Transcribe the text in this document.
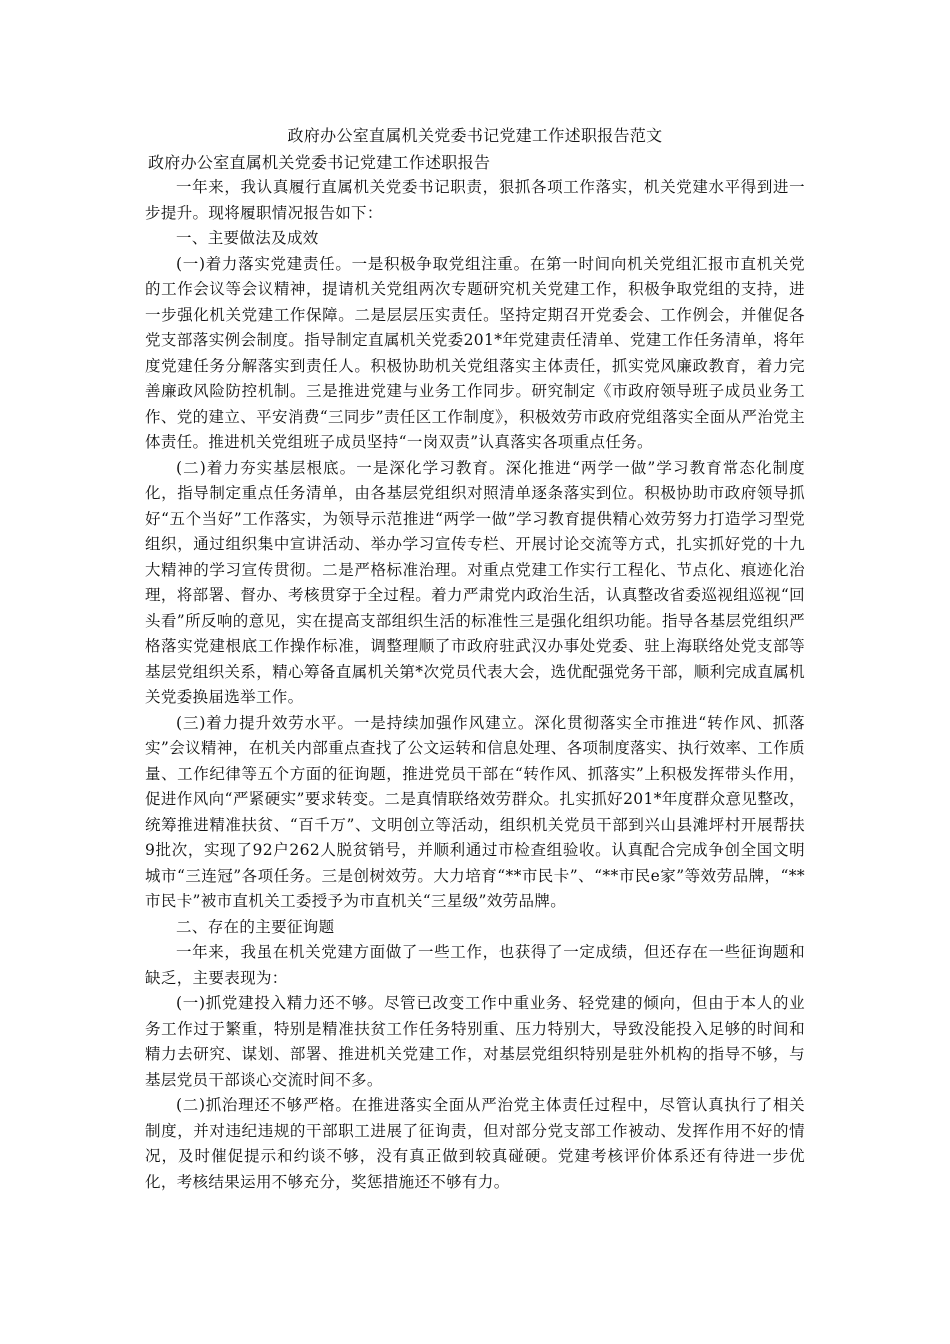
政府办公室直属机关党委书记党建工作述职报告范文
政府办公室直属机关党委书记党建工作述职报告

一年来，我认真履行直属机关党委书记职责，狠抓各项工作落实，机关党建水平得到进一步提升。现将履职情况报告如下：

一、主要做法及成效

(一)着力落实党建责任。一是积极争取党组注重。在第一时间向机关党组汇报市直机关党的工作会议等会议精神，提请机关党组两次专题研究机关党建工作，积极争取党组的支持，进一步强化机关党建工作保障。二是层层压实责任。坚持定期召开党委会、工作例会，并催促各党支部落实例会制度。指导制定直属机关党委201*年党建责任清单、党建工作任务清单，将年度党建任务分解落实到责任人。积极协助机关党组落实主体责任，抓实党风廉政教育，着力完善廉政风险防控机制。三是推进党建与业务工作同步。研究制定《市政府领导班子成员业务工作、党的建立、平安消费“三同步”责任区工作制度》，积极效劳市政府党组落实全面从严治党主体责任。推进机关党组班子成员坚持“一岗双责”认真落实各项重点任务。

(二)着力夯实基层根底。一是深化学习教育。深化推进“两学一做”学习教育常态化制度化，指导制定重点任务清单，由各基层党组织对照清单逐条落实到位。积极协助市政府领导抓好“五个当好”工作落实，为领导示范推进“两学一做”学习教育提供精心效劳努力打造学习型党组织，通过组织集中宣讲活动、举办学习宣传专栏、开展讨论交流等方式，扎实抓好党的十九大精神的学习宣传贯彻。二是严格标准治理。对重点党建工作实行工程化、节点化、痕迹化治理，将部署、督办、考核贯穿于全过程。着力严肃党内政治生活，认真整改省委巡视组巡视“回头看”所反响的意见，实在提高支部组织生活的标准性三是强化组织功能。指导各基层党组织严格落实党建根底工作操作标准，调整理顺了市政府驻武汉办事处党委、驻上海联络处党支部等基层党组织关系，精心筹备直属机关第*次党员代表大会，选优配强党务干部，顺利完成直属机关党委换届选举工作。

(三)着力提升效劳水平。一是持续加强作风建立。深化贯彻落实全市推进“转作风、抓落实”会议精神，在机关内部重点查找了公文运转和信息处理、各项制度落实、执行效率、工作质量、工作纪律等五个方面的征询题，推进党员干部在“转作风、抓落实”上积极发挥带头作用，促进作风向“严紧硬实”要求转变。二是真情联络效劳群众。扎实抓好201*年度群众意见整改，统筹推进精准扶贫、“百千万”、文明创立等活动，组织机关党员干部到兴山县滩坪村开展帮扶9批次，实现了92户262人脱贫销号，并顺利通过市检查组验收。认真配合完成争创全国文明城市“三连冠”各项任务。三是创树效劳。大力培育“**市民卡”、“**市民e家”等效劳品牌，“**市民卡”被市直机关工委授予为市直机关“三星级”效劳品牌。

二、存在的主要征询题

一年来，我虽在机关党建方面做了一些工作，也获得了一定成绩，但还存在一些征询题和缺乏，主要表现为：

(一)抓党建投入精力还不够。尽管已改变工作中重业务、轻党建的倾向，但由于本人的业务工作过于繁重，特别是精准扶贫工作任务特别重、压力特别大，导致没能投入足够的时间和精力去研究、谋划、部署、推进机关党建工作，对基层党组织特别是驻外机构的指导不够，与基层党员干部谈心交流时间不多。

(二)抓治理还不够严格。在推进落实全面从严治党主体责任过程中，尽管认真执行了相关制度，并对违纪违规的干部职工进展了征询责，但对部分党支部工作被动、发挥作用不好的情况，及时催促提示和约谈不够，没有真正做到较真碰硬。党建考核评价体系还有待进一步优化，考核结果运用不够充分，奖惩措施还不够有力。
